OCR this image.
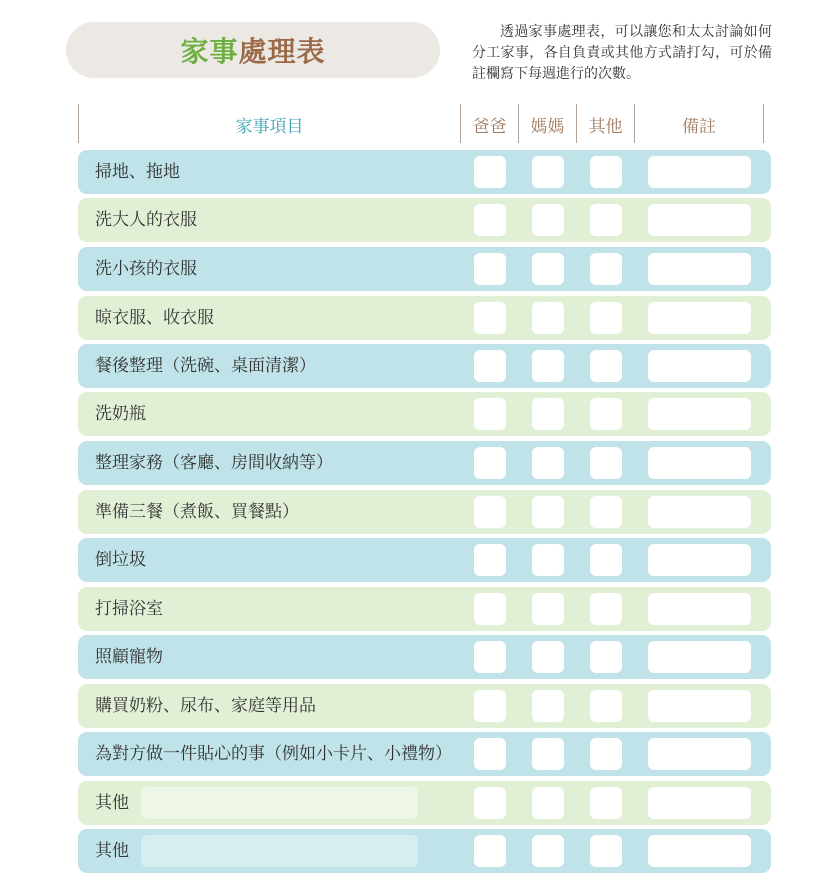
家事 處理表

透過家事處理表，可以讓您和太太討論如何分工家事，各自負責或其他方式請打勾，可於備註欄寫下每週進行的次數。

家事項目	爸爸	媽媽	其他	備註
掃地、拖地
洗大人的衣服
洗小孩的衣服
晾衣服、收衣服
餐後整理（洗碗、桌面清潔）
洗奶瓶
整理家務（客廳、房間收納等）
準備三餐（煮飯、買餐點）
倒垃圾
打掃浴室
照顧寵物
購買奶粉、尿布、家庭等用品
為對方做一件貼心的事（例如小卡片、小禮物）
其他
其他
